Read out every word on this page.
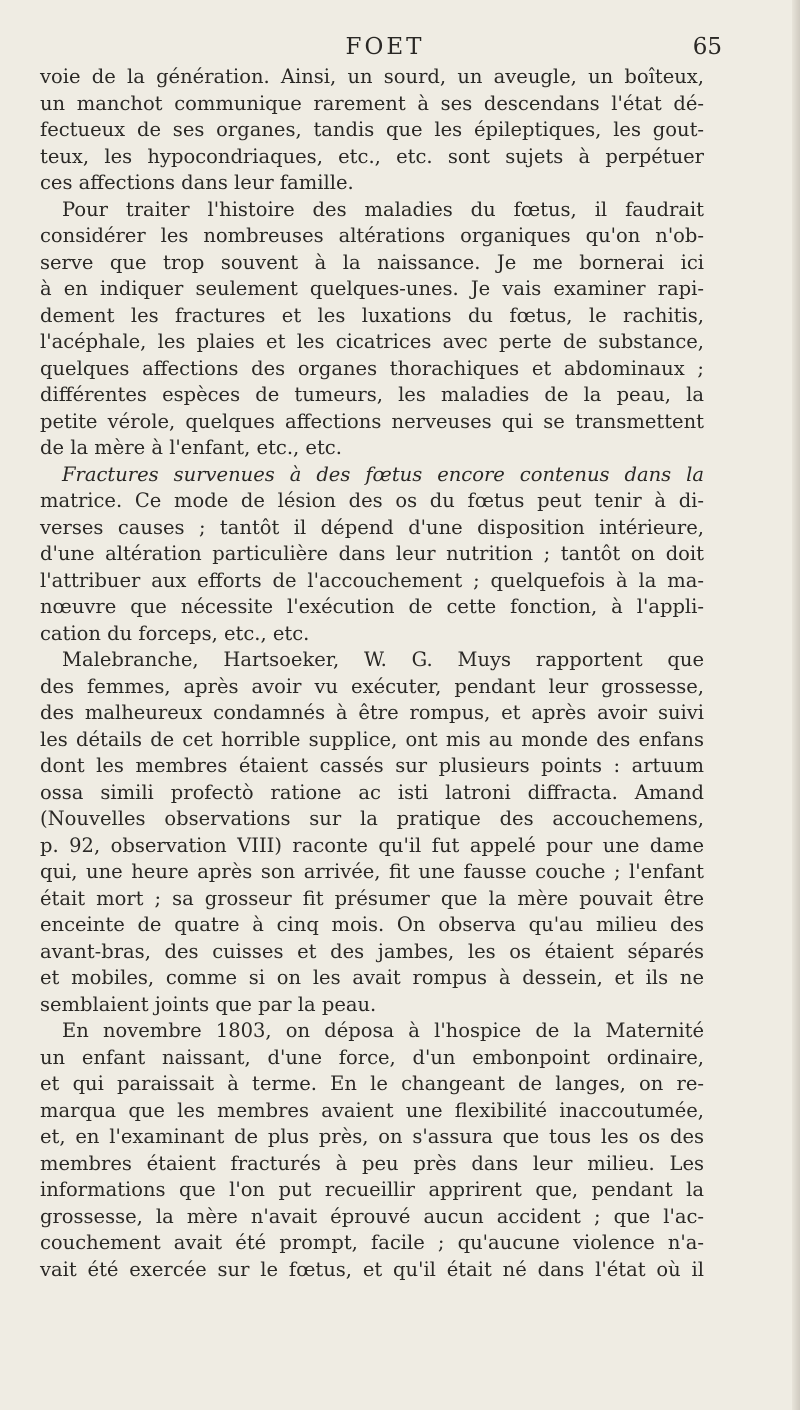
FOET	65

voie de la génération. Ainsi, un sourd, un aveugle, un boîteux,
un manchot communique rarement à ses descendans l'état dé-
fectueux de ses organes, tandis que les épileptiques, les gout-
teux, les hypocondriaques, etc., etc. sont sujets à perpétuer
ces affections dans leur famille.

Pour traiter l'histoire des maladies du fœtus, il faudrait
considérer les nombreuses altérations organiques qu'on n'ob-
serve que trop souvent à la naissance. Je me bornerai ici
à en indiquer seulement quelques-unes. Je vais examiner rapi-
dement les fractures et les luxations du fœtus, le rachitis,
l'acéphale, les plaies et les cicatrices avec perte de substance,
quelques affections des organes thorachiques et abdominaux ;
différentes espèces de tumeurs, les maladies de la peau, la
petite vérole, quelques affections nerveuses qui se transmettent
de la mère à l'enfant, etc., etc.

Fractures survenues à des fœtus encore contenus dans la
matrice. Ce mode de lésion des os du fœtus peut tenir à di-
verses causes ; tantôt il dépend d'une disposition intérieure,
d'une altération particulière dans leur nutrition ; tantôt on doit
l'attribuer aux efforts de l'accouchement ; quelquefois à la ma-
nœuvre que nécessite l'exécution de cette fonction, à l'appli-
cation du forceps, etc., etc.

Malebranche, Hartsoeker, W. G. Muys rapportent que
des femmes, après avoir vu exécuter, pendant leur grossesse,
des malheureux condamnés à être rompus, et après avoir suivi
les détails de cet horrible supplice, ont mis au monde des enfans
dont les membres étaient cassés sur plusieurs points : artuum
ossa simili profectò ratione ac isti latroni diffracta. Amand
(Nouvelles observations sur la pratique des accouchemens,
p. 92, observation VIII) raconte qu'il fut appelé pour une dame
qui, une heure après son arrivée, fit une fausse couche ; l'enfant
était mort ; sa grosseur fit présumer que la mère pouvait être
enceinte de quatre à cinq mois. On observa qu'au milieu des
avant-bras, des cuisses et des jambes, les os étaient séparés
et mobiles, comme si on les avait rompus à dessein, et ils ne
semblaient joints que par la peau.

En novembre 1803, on déposa à l'hospice de la Maternité
un enfant naissant, d'une force, d'un embonpoint ordinaire,
et qui paraissait à terme. En le changeant de langes, on re-
marqua que les membres avaient une flexibilité inaccoutumée,
et, en l'examinant de plus près, on s'assura que tous les os des
membres étaient fracturés à peu près dans leur milieu. Les
informations que l'on put recueillir apprirent que, pendant la
grossesse, la mère n'avait éprouvé aucun accident ; que l'ac-
couchement avait été prompt, facile ; qu'aucune violence n'a-
vait été exercée sur le fœtus, et qu'il était né dans l'état où il
